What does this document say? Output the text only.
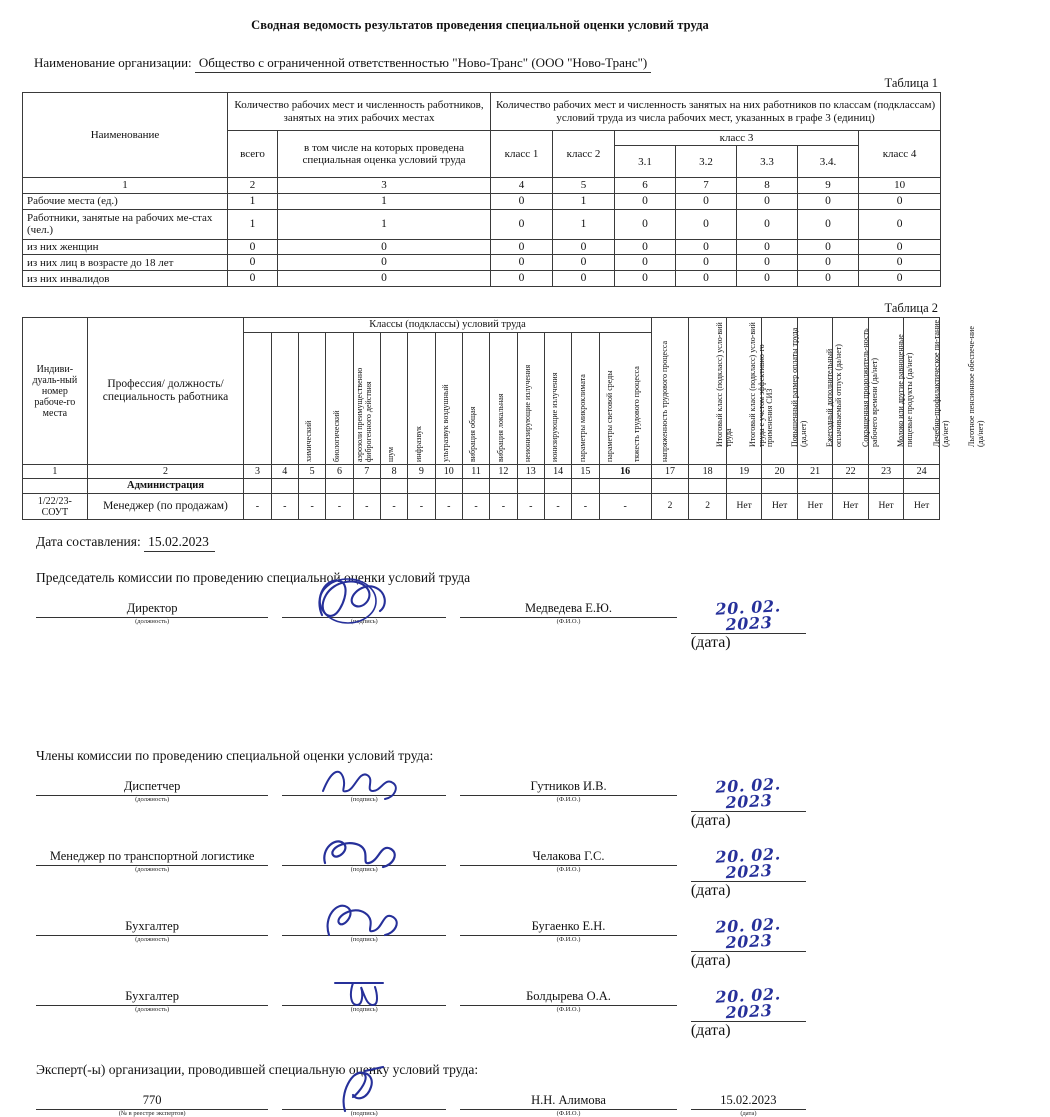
Сводная ведомость результатов проведения специальной оценки условий труда
Наименование организации: Общество с ограниченной ответственностью "Ново-Транс" (ООО "Ново-Транс")
Таблица 1
Наименование	Количество рабочих мест и численность работников, занятых на этих рабочих местах		Количество рабочих мест и численность занятых на них работников по классам (подклассам) условий труда из числа рабочих мест, указанных в графе 3 (единиц)						
	всего	в том числе на которых проведена специальная оценка условий труда	класс 1	класс 2	класс 3				класс 4
					3.1	3.2	3.3	3.4.	
1	2	3	4	5	6	7	8	9	10
Рабочие места (ед.)	1	1	0	1	0	0	0	0	0
Работники, занятые на рабочих ме-стах (чел.)	1	1	0	1	0	0	0	0	0
из них женщин	0	0	0	0	0	0	0	0	0
из них лиц в возрасте до 18 лет	0	0	0	0	0	0	0	0	0
из них инвалидов	0	0	0	0	0	0	0	0	0
Таблица 2
Индиви-дуаль-ный номер рабоче-го места	Профессия/ должность/ специальность работника	Классы (подклассы) условий труда														Итоговый класс (подкласс) усло-вий труда	Итоговый класс (подкласс) усло-вий труда с учетом эффективно-го применения СИЗ	Повышенный размер оплаты труда (да,нет)	Ежегодный дополнительный оплачиваемый отпуск (да/нет)	Сокращенная продолжитель-ность рабочего времени (да/нет)	Молоко или другие равноценные пищевые продукты (да/нет)	Лечебно-профилактическое пи-тание (да/нет)	Льготное пенсионное обеспече-ние (да/нет)

		химический	биологический	аэрозоли преимущественно фиброгенного действия	шум	инфразвук	ультразвук воздушный	вибрация общая	вибрация локальная	неионизирующие излучения	ионизирующие излучения	параметры микроклимата	параметры световой среды	тяжесть трудового процесса	напряженность трудового процесса								

1	2	3	4	5	6	7	8	9	10	11	12	13	14	15	16	17	18	19	20	21	22	23	24
	Администрация																						
1/22/23-СОУТ	Менеджер (по продажам)	-	-	-	-	-	-	-	-	-	-	-	-	-	-	2	2	Нет	Нет	Нет	Нет	Нет	Нет
Дата составления: 15.02.2023
Председатель комиссии по проведению специальной оценки условий труда
Директор
(должность)
	(подпись)
Медведева Е.Ю.
(Ф.И.О.)
20. 02. 2023
(дата)
Члены комиссии по проведению специальной оценки условий труда:
Диспетчер
(должность)
	(подпись)
Гутников И.В.
(Ф.И.О.)
20. 02. 2023
(дата)
Менеджер по транспортной логистике
(должность)
	(подпись)
Челакова Г.С.
(Ф.И.О.)
20. 02. 2023
(дата)
Бухгалтер
(должность)
	(подпись)
Бугаенко Е.Н.
(Ф.И.О.)
20. 02. 2023
(дата)
Бухгалтер
(должность)
	(подпись)
Болдырева О.А.
(Ф.И.О.)
20. 02. 2023
(дата)
Эксперт(-ы) организации, проводившей специальную оценку условий труда:
770
(№ в реестре экспертов)
	(подпись)
Н.Н. Алимова
(Ф.И.О.)
15.02.2023
(дата)
